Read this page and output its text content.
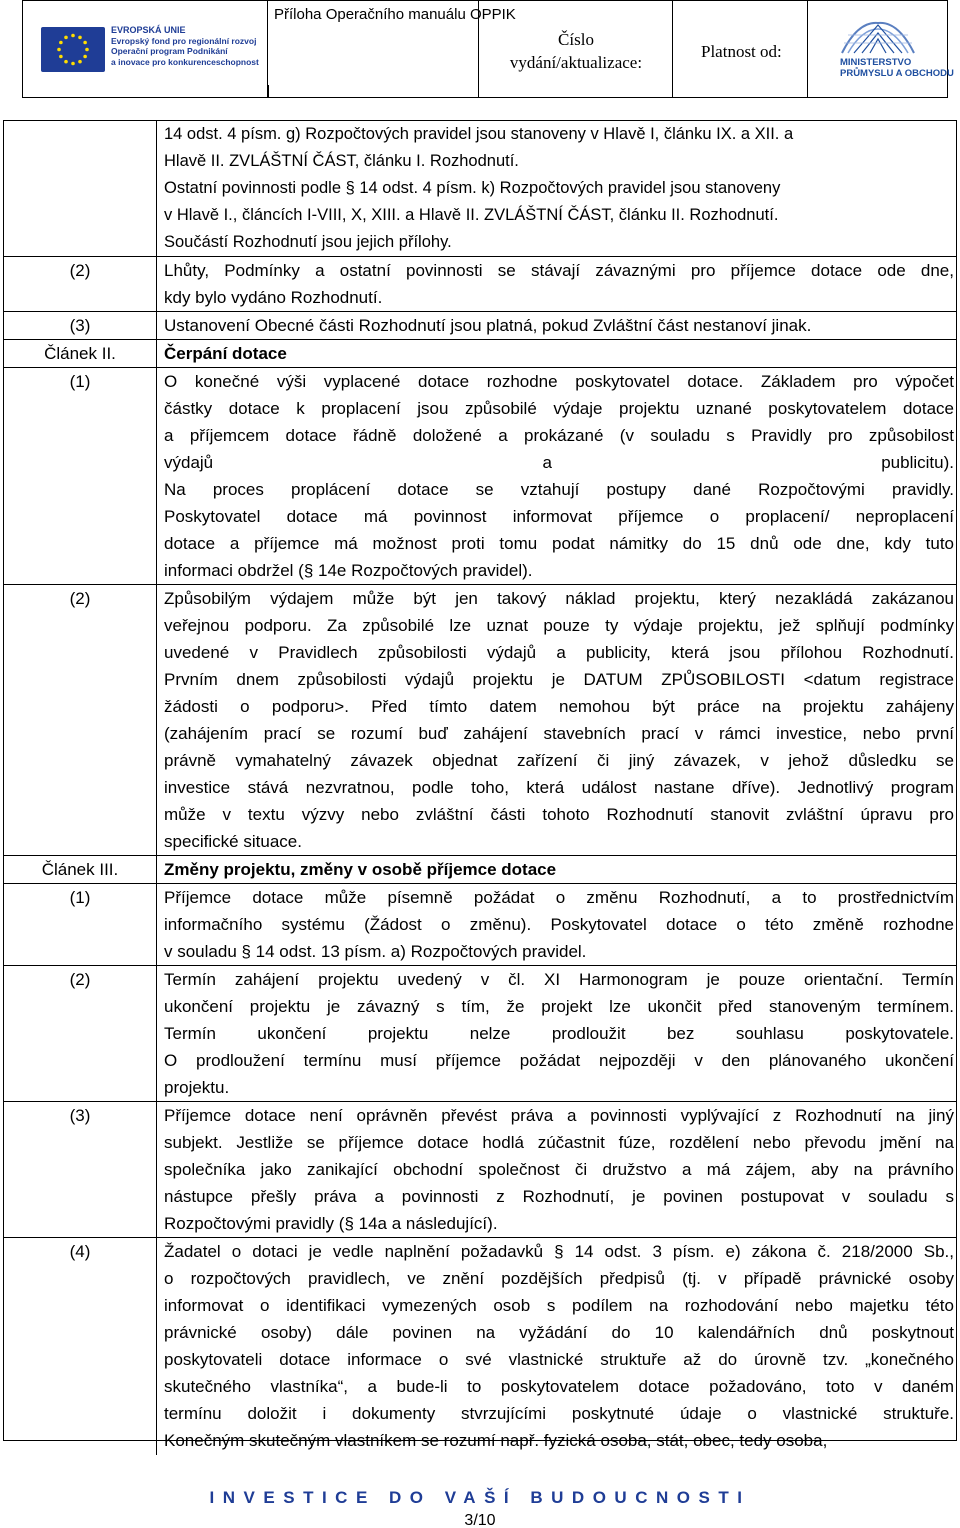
EVROPSKÁ UNIE
Evropský fond pro regionální rozvoj
Operační program Podnikání
a inovace pro konkurenceschopnost
Příloha Operačního manuálu OPPIK
Číslo
vydání/aktualizace:
Platnost od:
MINISTERSTVO
PRŮMYSLU A OBCHODU

14 odst. 4 písm. g) Rozpočtových pravidel jsou stanoveny v Hlavě I, článku IX. a XII. a

Hlavě II. ZVLÁŠTNÍ ČÁST, článku I. Rozhodnutí.

Ostatní povinnosti podle § 14 odst. 4 písm. k) Rozpočtových pravidel jsou stanoveny

v Hlavě I., článcích I-VIII, X, XIII. a Hlavě II. ZVLÁŠTNÍ ČÁST, článku II. Rozhodnutí.

Součástí Rozhodnutí jsou jejich přílohy.

(2)	Lhůty, Podmínky a ostatní povinnosti se stávají závaznými pro příjemce dotace ode dne,

kdy bylo vydáno Rozhodnutí.

(3)	Ustanovení Obecné části Rozhodnutí jsou platná, pokud Zvláštní část nestanoví jinak.

Článek II.	Čerpání dotace
(1)	O konečné výši vyplacené dotace rozhodne poskytovatel dotace. Základem pro výpočet

částky dotace k proplacení jsou způsobilé výdaje projektu uznané poskytovatelem dotace

a příjemcem dotace řádně doložené a prokázané (v souladu s Pravidly pro způsobilost

výdajů a publicitu).

Na proces proplácení dotace se vztahují postupy dané Rozpočtovými pravidly.

Poskytovatel dotace má povinnost informovat příjemce o proplacení/ neproplacení

dotace a příjemce má možnost proti tomu podat námitky do 15 dnů ode dne, kdy tuto

informaci obdržel (§ 14e Rozpočtových pravidel).

(2)	Způsobilým výdajem může být jen takový náklad projektu, který nezakládá zakázanou

veřejnou podporu. Za způsobilé lze uznat pouze ty výdaje projektu, jež splňují podmínky

uvedené v Pravidlech způsobilosti výdajů a publicity, která jsou přílohou Rozhodnutí.

Prvním dnem způsobilosti výdajů projektu je DATUM ZPŮSOBILOSTI <datum registrace

žádosti o podporu>. Před tímto datem nemohou být práce na projektu zahájeny

(zahájením prací se rozumí buď zahájení stavebních prací v rámci investice, nebo první

právně vymahatelný závazek objednat zařízení či jiný závazek, v jehož důsledku se

investice stává nezvratnou, podle toho, která událost nastane dříve). Jednotlivý program

může v textu výzvy nebo zvláštní části tohoto Rozhodnutí stanovit zvláštní úpravu pro

specifické situace.

Článek III.	Změny projektu, změny v osobě příjemce dotace
(1)	Příjemce dotace může písemně požádat o změnu Rozhodnutí, a to prostřednictvím

informačního systému (Žádost o změnu). Poskytovatel dotace o této změně rozhodne

v souladu § 14 odst. 13 písm. a) Rozpočtových pravidel.

(2)	Termín zahájení projektu uvedený v čl. XI Harmonogram je pouze orientační. Termín

ukončení projektu je závazný s tím, že projekt lze ukončit před stanoveným termínem.

Termín ukončení projektu nelze prodloužit bez souhlasu poskytovatele.

O prodloužení termínu musí příjemce požádat nejpozději v den plánovaného ukončení

projektu.

(3)	Příjemce dotace není oprávněn převést práva a povinnosti vyplývající z Rozhodnutí na jiný

subjekt. Jestliže se příjemce dotace hodlá zúčastnit fúze, rozdělení nebo převodu jmění na

společníka jako zanikající obchodní společnost či družstvo a má zájem, aby na právního

nástupce přešly práva a povinnosti z Rozhodnutí, je povinen postupovat v souladu s

Rozpočtovými pravidly (§ 14a a následující).

(4)	Žadatel o dotaci je vedle naplnění požadavků § 14 odst. 3 písm. e) zákona č. 218/2000 Sb.,

o rozpočtových pravidlech, ve znění pozdějších předpisů (tj. v případě právnické osoby

informovat o identifikaci vymezených osob s podílem na rozhodování nebo majetku této

právnické osoby) dále povinen na vyžádání do 10 kalendářních dnů poskytnout

poskytovateli dotace informace o své vlastnické struktuře až do úrovně tzv. „konečného

skutečného vlastníka“, a bude-li to poskytovatelem dotace požadováno, toto v daném

termínu doložit i dokumenty stvrzujícími poskytnuté údaje o vlastnické struktuře.

Konečným skutečným vlastníkem se rozumí např. fyzická osoba, stát, obec, tedy osoba,

INVESTICE DO VAŠÍ BUDOUCNOSTI
3/10
